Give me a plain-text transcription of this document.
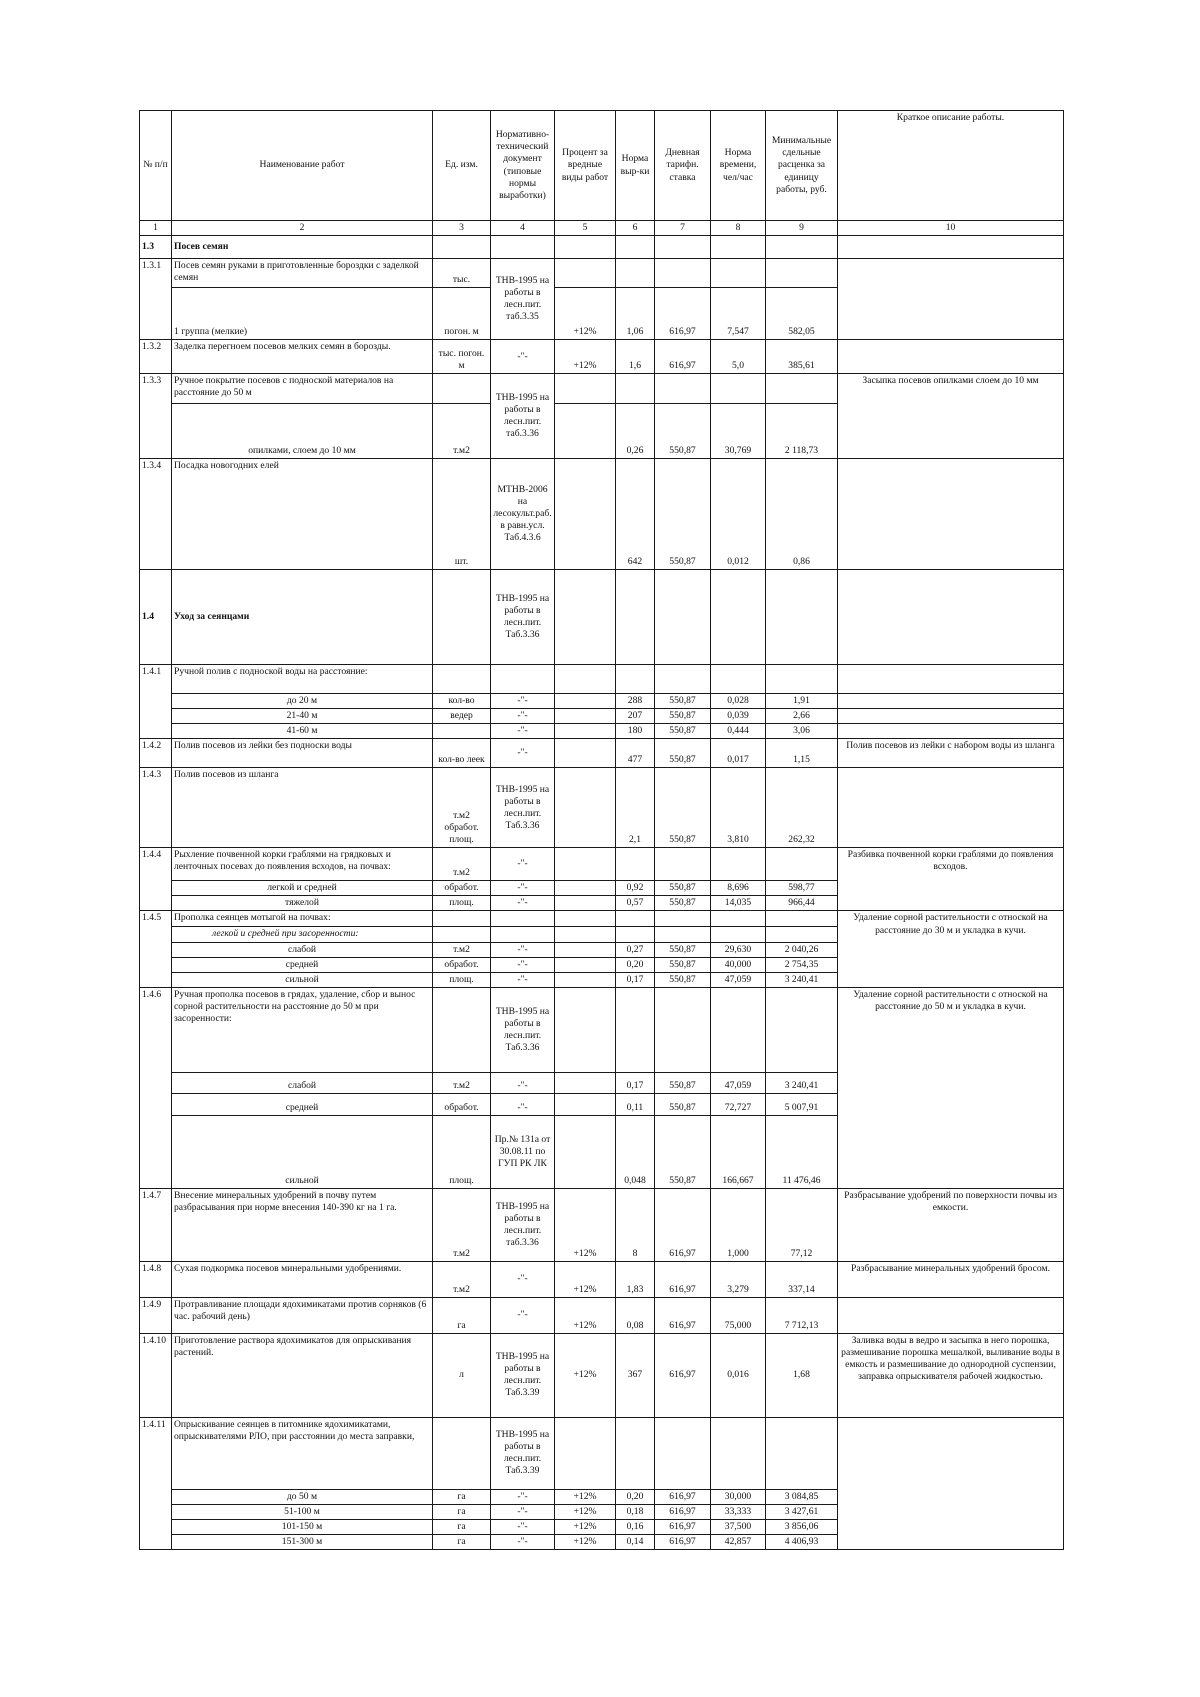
№ п/п	Наименование работ	Ед. изм.	Нормативно-технический документ (типовые нормы выработки)	Процент за вредные виды работ	Норма выр-ки	Дневная тарифн. ставка	Норма времени, чел/час	Минимальные сдельные расценка за единицу работы, руб.	Краткое описание работы.
1	2	3	4	5	6	7	8	9	10
1.3	Посев семян								
1.3.1	Посев семян руками в приготовленные бороздки с заделкой семян	тыс.	ТНВ-1995 на работы в лесн.пит. таб.3.35						
	1 группа (мелкие)	погон. м		+12%	1,06	616,97	7,547	582,05	
1.3.2	Заделка перегноем посевов мелких семян в борозды.	тыс. погон. м	-"-	+12%	1,6	616,97	5,0	385,61	
1.3.3	Ручное покрытие посевов с подноской материалов на расстояние до 50 м		ТНВ-1995 на работы в лесн.пит. таб.3.36						Засыпка посевов опилками слоем до 10 мм
	опилками, слоем до 10 мм	т.м2			0,26	550,87	30,769	2 118,73	
1.3.4	Посадка новогодних елей	шт.	МТНВ-2006 на лесокульт.раб. в равн.усл. Таб.4.3.6		642	550,87	0,012	0,86	
1.4	Уход за сеянцами		ТНВ-1995 на работы в лесн.пит. Таб.3.36						
1.4.1	Ручной полив с подноской воды на расстояние:								
	до 20 м	кол-во	-"-		288	550,87	0,028	1,91	
	21-40 м	ведер	-"-		207	550,87	0,039	2,66	
	41-60 м		-"-		180	550,87	0,444	3,06	
1.4.2	Полив посевов из лейки без подноски воды	кол-во леек	-"-		477	550,87	0,017	1,15	Полив посевов из лейки с набором воды из шланга
1.4.3	Полив посевов из шланга	т.м2 обработ. площ.	ТНВ-1995 на работы в лесн.пит. Таб.3.36		2,1	550,87	3,810	262,32	
1.4.4	Рыхление почвенной корки граблями на грядковых и ленточных посевах до появления всходов, на почвах:	т.м2	-"-						Разбивка почвенной корки граблями до появления всходов.
	легкой и средней	обработ.	-"-		0,92	550,87	8,696	598,77	
	тяжелой	площ.	-"-		0,57	550,87	14,035	966,44	
1.4.5	Прополка сеянцев мотыгой на почвах:								Удаление сорной растительности с отноской на расстояние до 30 м и укладка в кучи.
	легкой и средней при засоренности:								
	слабой	т.м2	-"-		0,27	550,87	29,630	2 040,26	
	средней	обработ.	-"-		0,20	550,87	40,000	2 754,35	
	сильной	площ.	-"-		0,17	550,87	47,059	3 240,41	
1.4.6	Ручная прополка посевов в грядах, удаление, сбор и вынос сорной растительности на расстояние до 50 м при засоренности:		ТНВ-1995 на работы в лесн.пит. Таб.3.36						Удаление сорной растительности с отноской на расстояние до 50 м и укладка в кучи.
	слабой	т.м2	-"-		0,17	550,87	47,059	3 240,41	
	средней	обработ.	-"-		0,11	550,87	72,727	5 007,91	
	сильной	площ.	Пр.№ 131а от 30.08.11 по ГУП РК ЛК		0,048	550,87	166,667	11 476,46	
1.4.7	Внесение минеральных удобрений в почву путем разбрасывания при норме внесения 140-390 кг на 1 га.	т.м2	ТНВ-1995 на работы в лесн.пит. таб.3.36	+12%	8	616,97	1,000	77,12	Разбрасывание удобрений по поверхности почвы из емкости.
1.4.8	Сухая подкормка посевов минеральными удобрениями.	т.м2	-"-	+12%	1,83	616,97	3,279	337,14	Разбрасывание минеральных удобрений бросом.
1.4.9	Протравливание площади ядохимикатами против сорняков (6 час. рабочий день)	га	-"-	+12%	0,08	616,97	75,000	7 712,13	
1.4.10	Приготовление раствора ядохимикатов для опрыскивания растений.	л	ТНВ-1995 на работы в лесн.пит. Таб.3.39	+12%	367	616,97	0,016	1,68	Заливка воды в ведро и засыпка в него порошка, размешивание порошка мешалкой, выливание воды в емкость и размешивание до однородной суспензии, заправка опрыскивателя рабочей жидкостью.
1.4.11	Опрыскивание сеянцев в питомнике ядохимикатами, опрыскивателями РЛО, при расстоянии до места заправки,		ТНВ-1995 на работы в лесн.пит. Таб.3.39						
	до 50 м	га	-"-	+12%	0,20	616,97	30,000	3 084,85	
	51-100 м	га	-"-	+12%	0,18	616,97	33,333	3 427,61	
	101-150 м	га	-"-	+12%	0,16	616,97	37,500	3 856,06	
	151-300 м	га	-"-	+12%	0,14	616,97	42,857	4 406,93	
